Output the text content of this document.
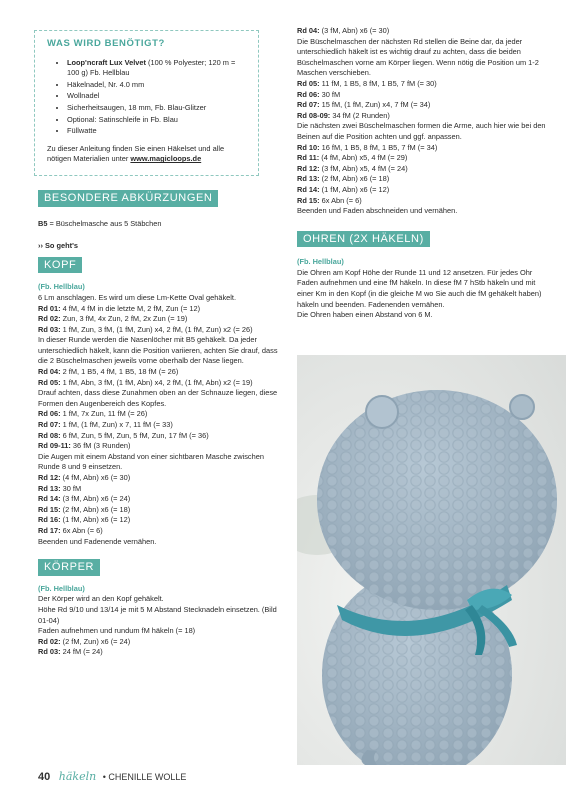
WAS WIRD BENÖTIGT?
• Loop'ncraft Lux Velvet (100 % Polyester; 120 m = 100 g) Fb. Hellblau
• Häkelnadel, Nr. 4.0 mm
• Wollnadel
• Sicherheitsaugen, 18 mm, Fb. Blau-Glitzer
• Optional: Satinschleife in Fb. Blau
• Füllwatte

Zu dieser Anleitung finden Sie einen Häkelset und alle nötigen Materialien unter www.magicloops.de

BESONDERE ABKÜRZUNGEN
B5 = Büschelmasche aus 5 Stäbchen
›› So geht's
KOPF
(Fb. Hellblau)
6 Lm anschlagen. Es wird um diese Lm-Kette Oval gehäkelt.
Rd 01: 4 fM, 4 fM in die letzte M, 2 fM, Zun (= 12)
Rd 02: Zun, 3 fM, 4x Zun, 2 fM, 2x Zun (= 19)
Rd 03: 1 fM, Zun, 3 fM, (1 fM, Zun) x4, 2 fM, (1 fM, Zun) x2 (= 26)
In dieser Runde werden die Nasenlöcher mit B5 gehäkelt. Da jeder unterschiedlich häkelt, kann die Position variieren, achten Sie drauf, dass die 2 Büschelmaschen jeweils vorne oberhalb der Nase liegen.
Rd 04: 2 fM, 1 B5, 4 fM, 1 B5, 18 fM (= 26)
Rd 05: 1 fM, Abn, 3 fM, (1 fM, Abn) x4, 2 fM, (1 fM, Abn) x2 (= 19)
Drauf achten, dass diese Zunahmen oben an der Schnauze liegen, diese Formen den Augenbereich des Kopfes.
Rd 06: 1 fM, 7x Zun, 11 fM (= 26)
Rd 07: 1 fM, (1 fM, Zun) x 7, 11 fM (= 33)
Rd 08: 6 fM, Zun, 5 fM, Zun, 5 fM, Zun, 17 fM (= 36)
Rd 09-11: 36 fM (3 Runden)
Die Augen mit einem Abstand von einer sichtbaren Masche zwischen Runde 8 und 9 einsetzen.
Rd 12: (4 fM, Abn) x6 (= 30)
Rd 13: 30 fM
Rd 14: (3 fM, Abn) x6 (= 24)
Rd 15: (2 fM, Abn) x6 (= 18)
Rd 16: (1 fM, Abn) x6 (= 12)
Rd 17: 6x Abn (= 6)
Beenden und Fadenende vernähen.
KÖRPER
(Fb. Hellblau)
Der Körper wird an den Kopf gehäkelt.
Höhe Rd 9/10 und 13/14 je mit 5 M Abstand Stecknadeln einsetzen. (Bild 01-04)
Faden aufnehmen und rundum fM häkeln (= 18)
Rd 02: (2 fM, Zun) x6 (= 24)
Rd 03: 24 fM (= 24)
Rd 04: (3 fM, Abn) x6 (= 30)
Die Büschelmaschen der nächsten Rd stellen die Beine dar, da jeder unterschiedlich häkelt ist es wichtig drauf zu achten, dass die beiden Büschelmaschen vorne am Körper liegen. Wenn nötig die Position um 1-2 Maschen verschieben.
Rd 05: 11 fM, 1 B5, 8 fM, 1 B5, 7 fM (= 30)
Rd 06: 30 fM
Rd 07: 15 fM, (1 fM, Zun) x4, 7 fM (= 34)
Rd 08-09: 34 fM (2 Runden)
Die nächsten zwei Büschelmaschen formen die Arme, auch hier wie bei den Beinen auf die Position achten und ggf. anpassen.
Rd 10: 16 fM, 1 B5, 8 fM, 1 B5, 7 fM (= 34)
Rd 11: (4 fM, Abn) x5, 4 fM (= 29)
Rd 12: (3 fM, Abn) x5, 4 fM (= 24)
Rd 13: (2 fM, Abn) x6 (= 18)
Rd 14: (1 fM, Abn) x6 (= 12)
Rd 15: 6x Abn (= 6)
Beenden und Faden abschneiden und vernähen.
OHREN (2X HÄKELN)
(Fb. Hellblau)
Die Ohren am Kopf Höhe der Runde 11 und 12 ansetzen. Für jedes Ohr Faden aufnehmen und eine fM häkeln. In diese fM 7 hStb häkeln und mit einer Km in den Kopf (in die gleiche M wo Sie auch die fM gehäkelt haben) häkeln und beenden. Fadenenden vernähen.
Die Ohren haben einen Abstand von 6 M.
40 häkeln • CHENILLE WOLLE
PassionForum.ru
